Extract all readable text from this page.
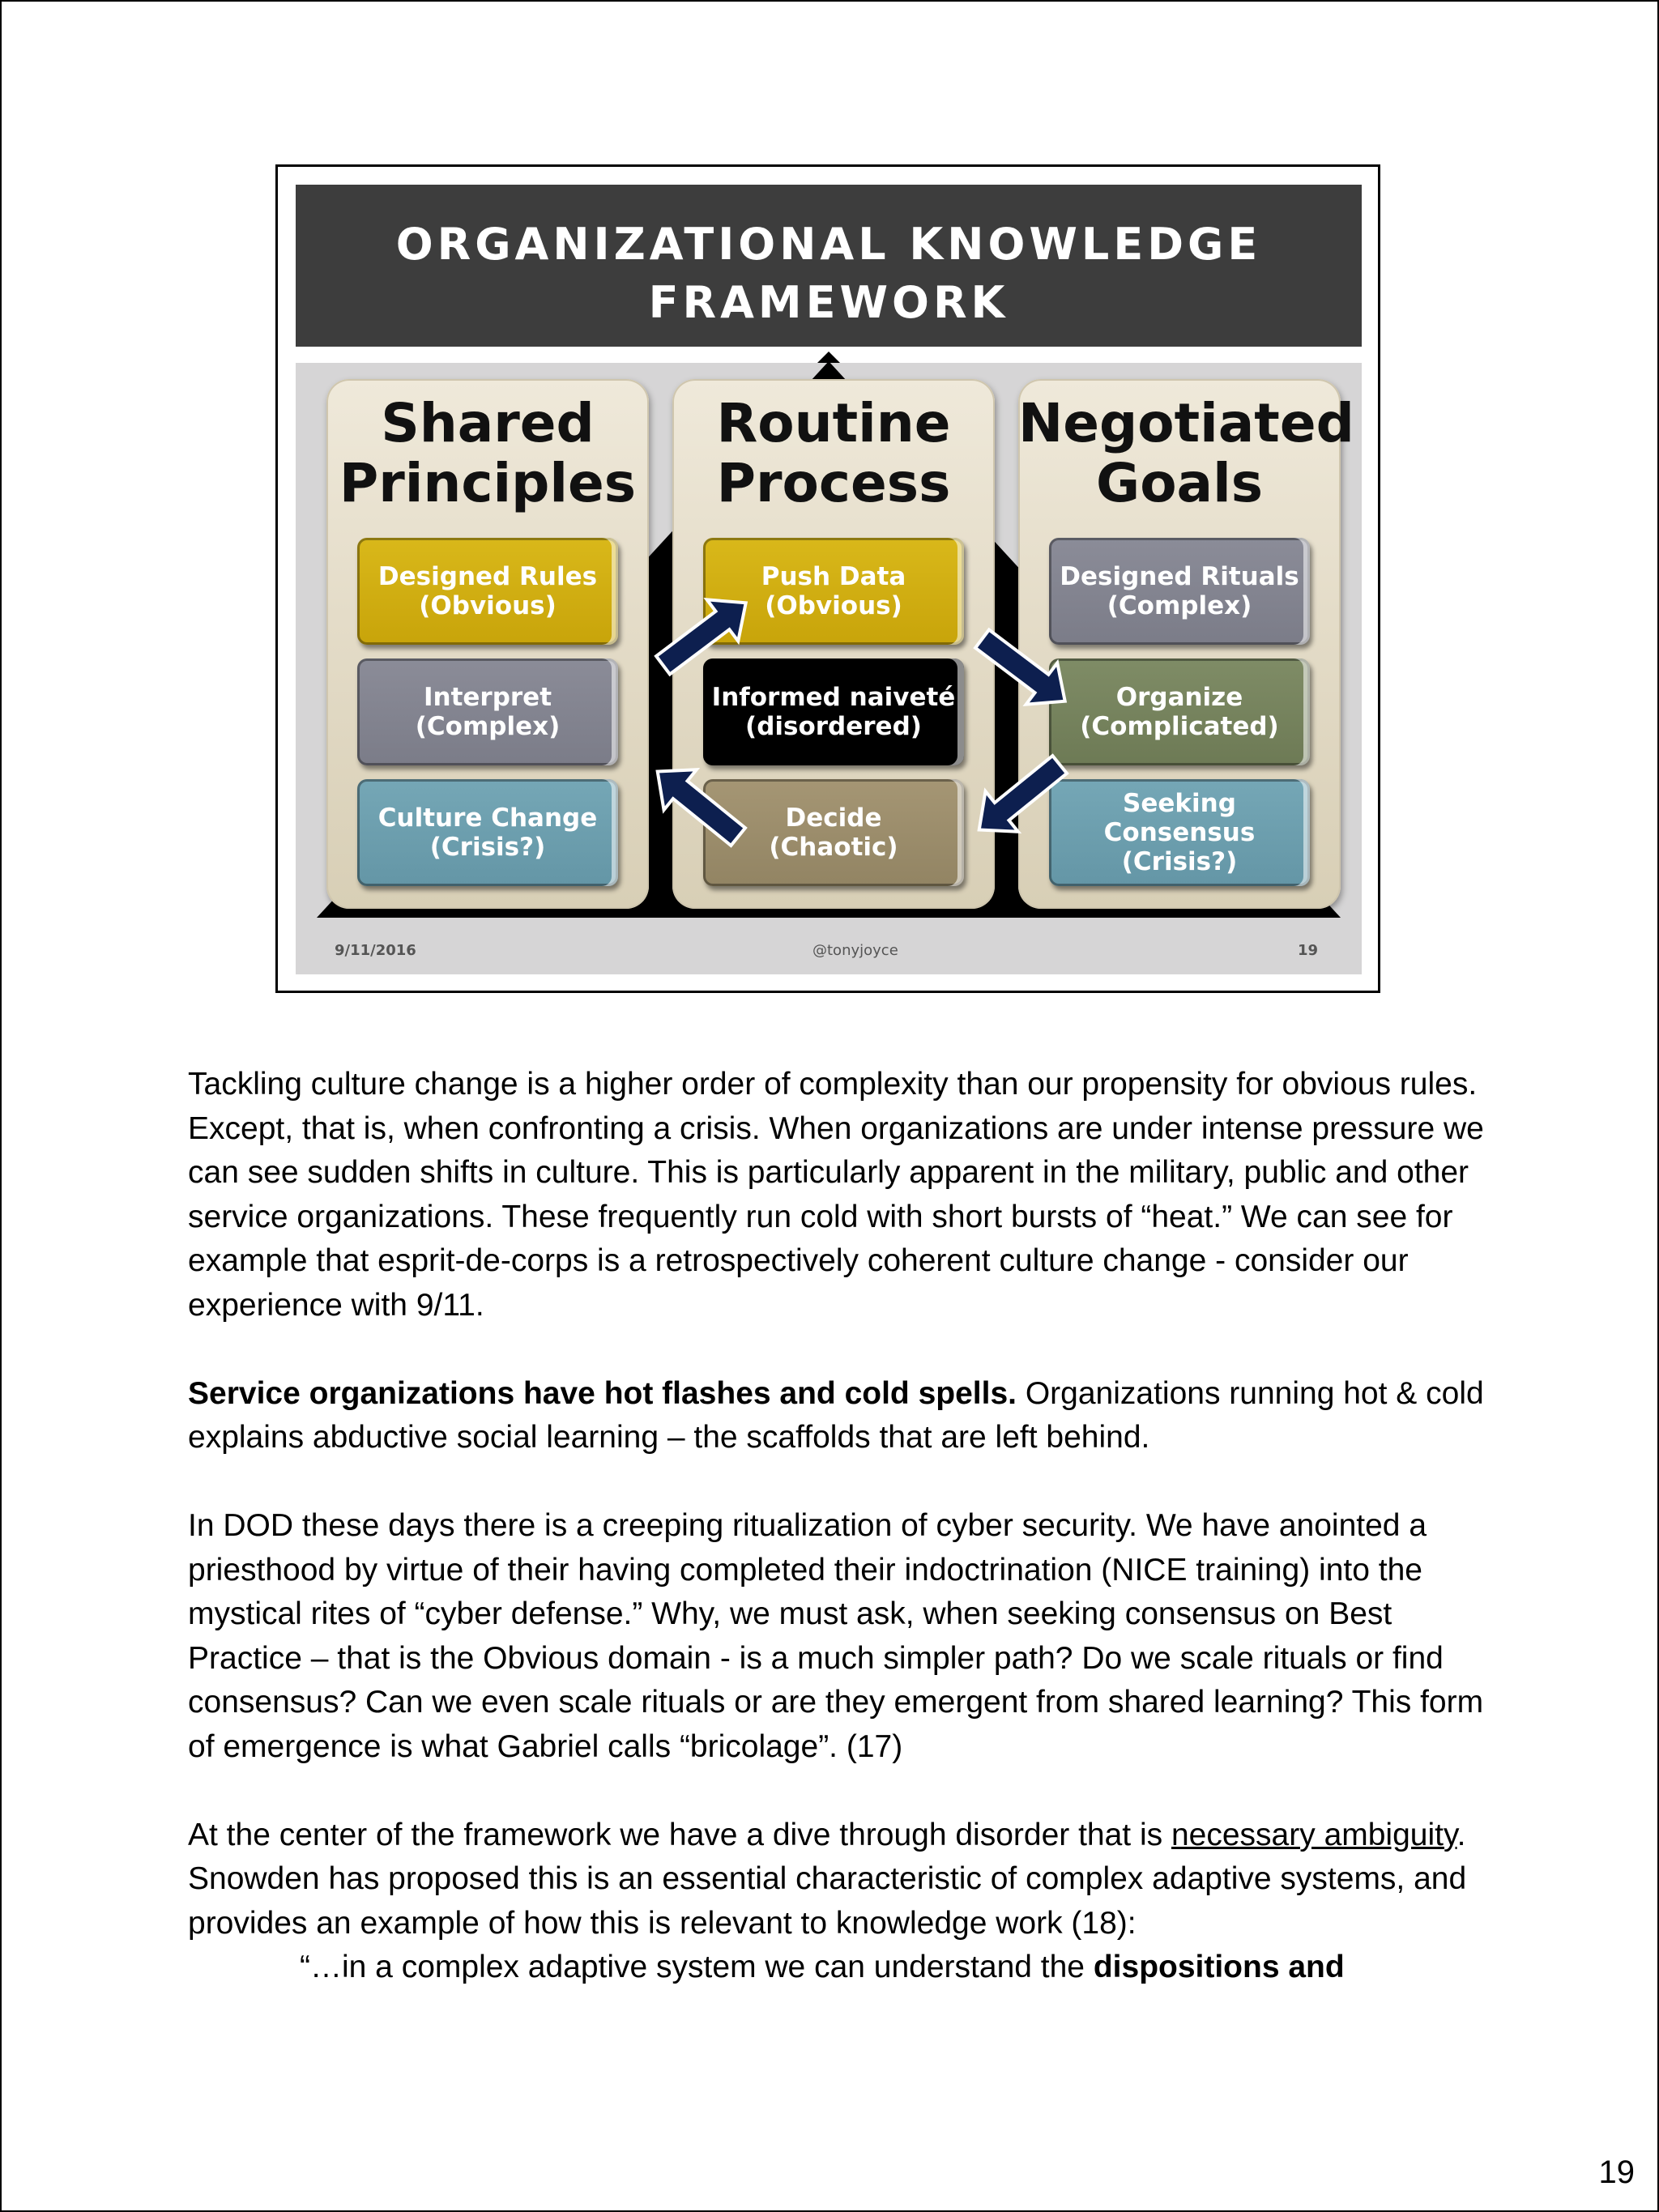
ORGANIZATIONAL KNOWLEDGE
FRAMEWORK
Shared
Principles
Designed Rules
(Obvious)
Interpret
(Complex)
Culture Change
(Crisis?)
Routine
Process
Push Data
(Obvious)
Informed naiveté
(disordered)
Decide
(Chaotic)
Negotiated
Goals
Designed Rituals
(Complex)
Organize
(Complicated)
Seeking
Consensus
(Crisis?)
9/11/2016	@tonyjoyce	19

Tackling culture change is a higher order of complexity than our propensity for obvious rules. Except, that is, when confronting a crisis. When organizations are under intense pressure we can see sudden shifts in culture. This is particularly apparent in the military, public and other service organizations. These frequently run cold with short bursts of “heat.” We can see for example that esprit-de-corps is a retrospectively coherent culture change - consider our experience with 9/11.

Service organizations have hot flashes and cold spells. Organizations running hot & cold explains abductive social learning – the scaffolds that are left behind.

In DOD these days there is a creeping ritualization of cyber security. We have anointed a priesthood by virtue of their having completed their indoctrination (NICE training) into the mystical rites of “cyber defense.” Why, we must ask, when seeking consensus on Best Practice – that is the Obvious domain - is a much simpler path? Do we scale rituals or find consensus? Can we even scale rituals or are they emergent from shared learning? This form of emergence is what Gabriel calls “bricolage”. (17)

At the center of the framework we have a dive through disorder that is necessary ambiguity. Snowden has proposed this is an essential characteristic of complex adaptive systems, and provides an example of how this is relevant to knowledge work (18):

“…in a complex adaptive system we can understand the dispositions and

19
